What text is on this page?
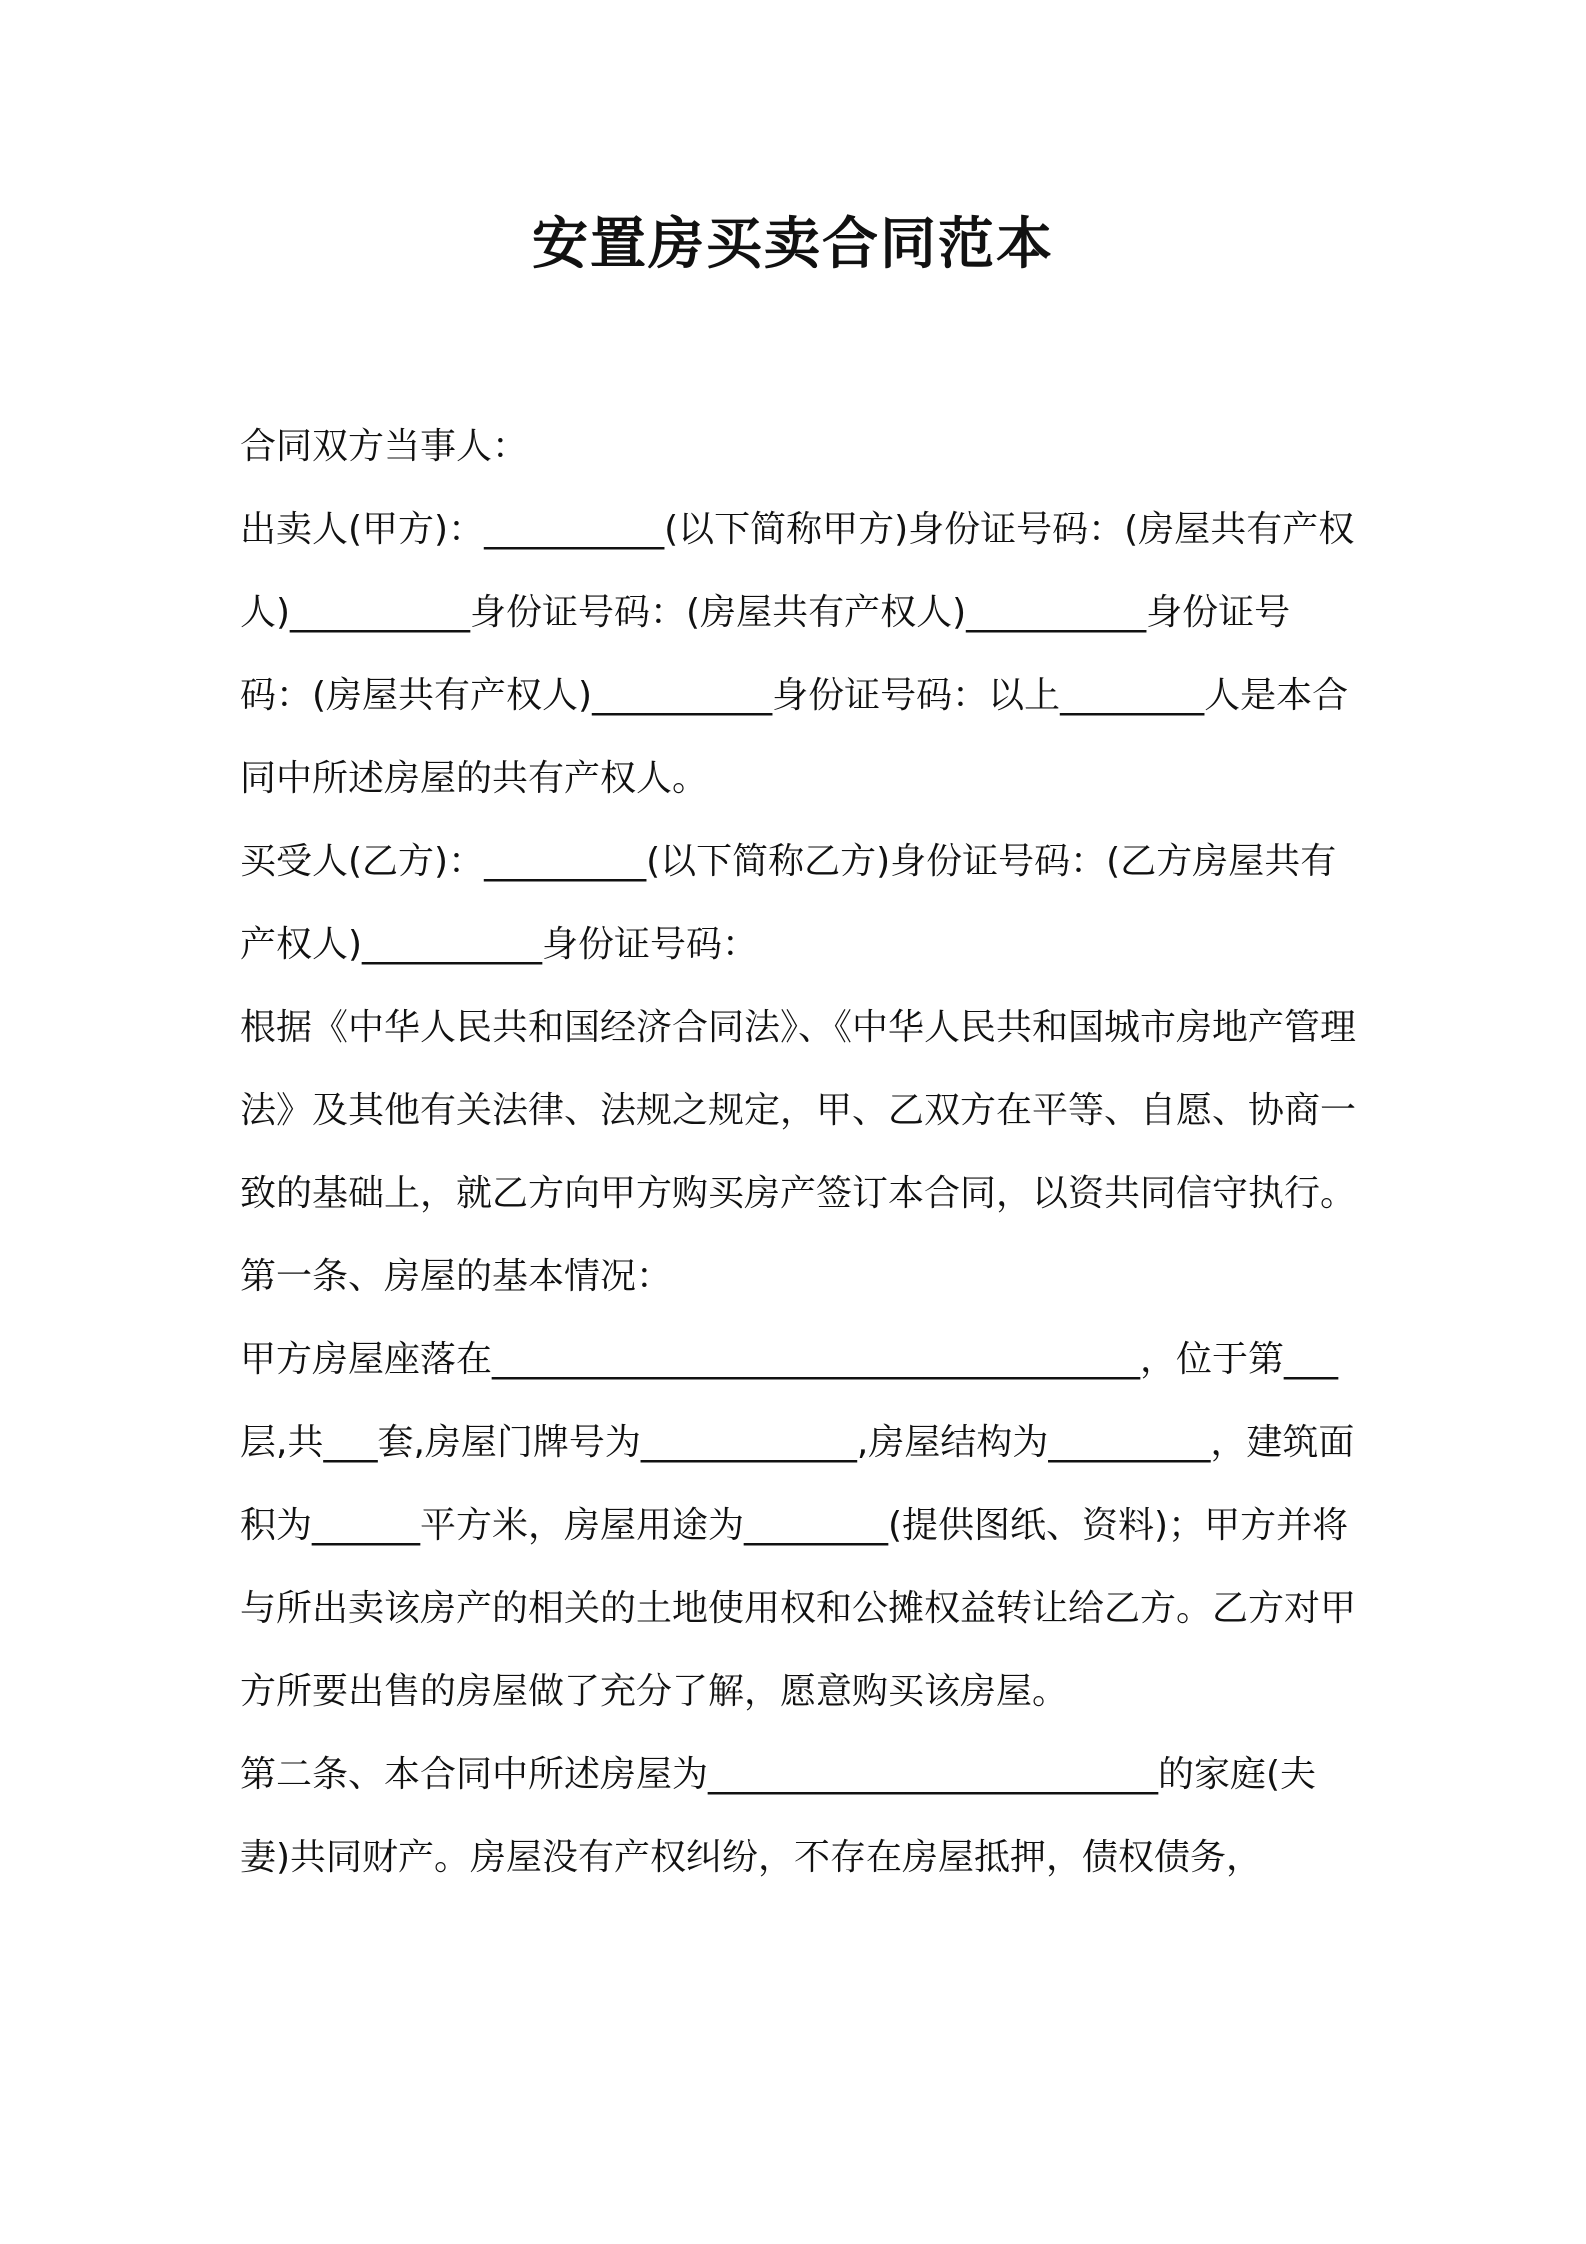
安置房买卖合同范本

合同双方当事人：

出卖人(甲方)：__________(以下简称甲方)身份证号码：(房屋共有产权人)__________身份证号码：(房屋共有产权人)__________身份证号码：(房屋共有产权人)__________身份证号码：以上________人是本合同中所述房屋的共有产权人。

买受人(乙方)：_________(以下简称乙方)身份证号码：(乙方房屋共有产权人)__________身份证号码：

根据《中华人民共和国经济合同法》、《中华人民共和国城市房地产管理法》及其他有关法律、法规之规定，甲、乙双方在平等、自愿、协商一致的基础上，就乙方向甲方购买房产签订本合同，以资共同信守执行。

第一条、房屋的基本情况：

甲方房屋座落在____________________________________，位于第___层,共___套,房屋门牌号为____________,房屋结构为_________，建筑面积为______平方米，房屋用途为________(提供图纸、资料)；甲方并将与所出卖该房产的相关的土地使用权和公摊权益转让给乙方。乙方对甲方所要出售的房屋做了充分了解，愿意购买该房屋。

第二条、本合同中所述房屋为_________________________的家庭(夫妻)共同财产。房屋没有产权纠纷，不存在房屋抵押，债权债务，
